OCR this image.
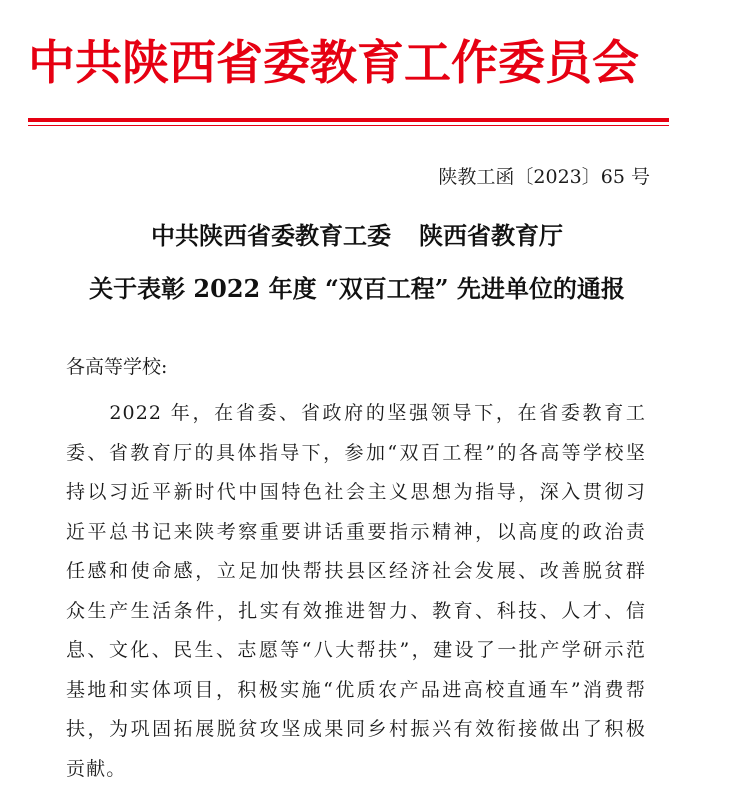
中共陕西省委教育工作委员会
陕教工函〔2023〕65 号
中共陕西省委教育工委 陕西省教育厅
关于表彰 2022 年度 “双百工程” 先进单位的通报
各高等学校:
　　2022 年，在省委、省政府的坚强领导下，在省委教育工
委、省教育厅的具体指导下，参加“双百工程”的各高等学校坚
持以习近平新时代中国特色社会主义思想为指导，深入贯彻习
近平总书记来陕考察重要讲话重要指示精神，以高度的政治责
任感和使命感，立足加快帮扶县区经济社会发展、改善脱贫群
众生产生活条件，扎实有效推进智力、教育、科技、人才、信
息、文化、民生、志愿等“八大帮扶”，建设了一批产学研示范
基地和实体项目，积极实施“优质农产品进高校直通车”消费帮
扶，为巩固拓展脱贫攻坚成果同乡村振兴有效衔接做出了积极
贡献。
